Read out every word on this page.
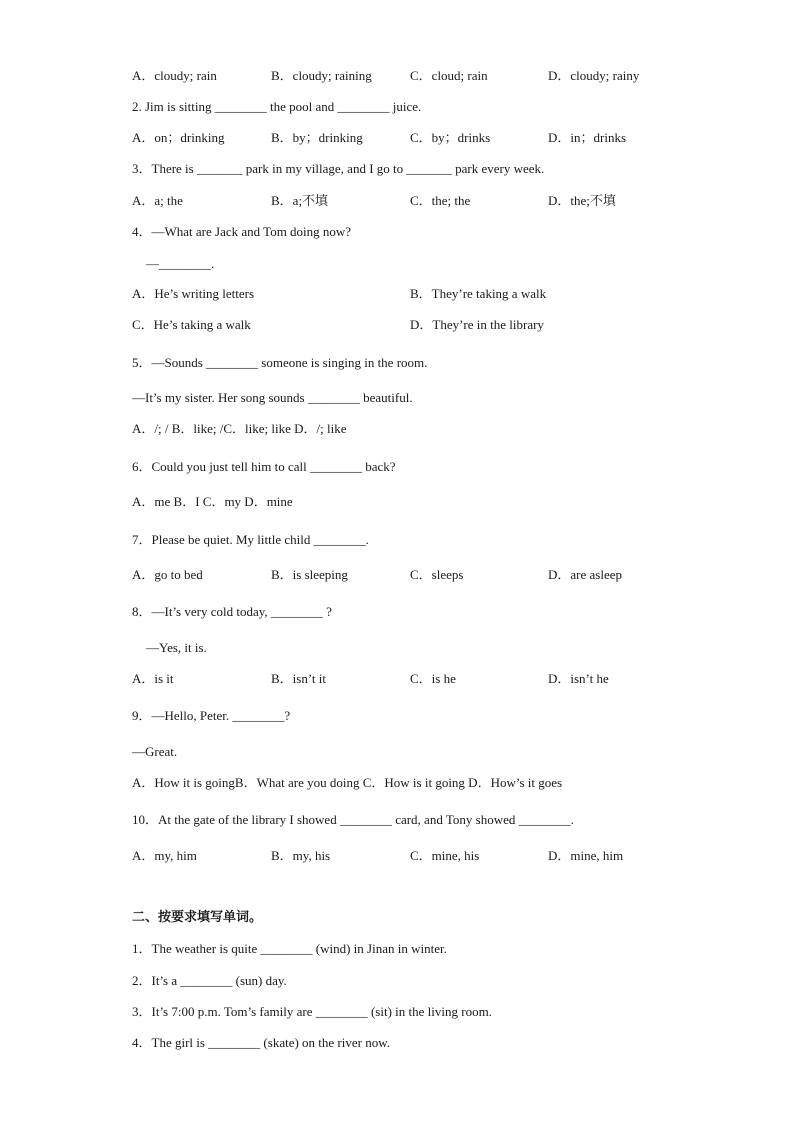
A．cloudy; rain	B．cloudy; raining	C．cloud; rain	D．cloudy; rainy
2. Jim is sitting ________ the pool and ________ juice.
A．on；drinking	B．by；drinking	C．by；drinks	D．in；drinks
3．There is _______ park in my village, and I go to _______ park every week.
A．a; the	B．a;不填	C．the; the	D．the;不填
4．—What are Jack and Tom doing now?
—________.
A．He’s writing letters	B．They’re taking a walk
C．He’s taking a walk	D．They’re in the library
5．—Sounds ________ someone is singing in the room.
—It’s my sister. Her song sounds ________ beautiful.
A．/; / B．like; /C．like; like D．/; like
6．Could you just tell him to call ________ back?
A．me B．I C．my D．mine
7．Please be quiet. My little child ________.
A．go to bed	B．is sleeping	C．sleeps	D．are asleep
8．—It’s very cold today, ________ ?
—Yes, it is.
A．is it	B．isn’t it	C．is he	D．isn’t he
9．—Hello, Peter. ________?
—Great.
A．How it is goingB．What are you doing C．How is it going D．How’s it goes
10．At the gate of the library I showed ________ card, and Tony showed ________.
A．my, him	B．my, his	C．mine, his	D．mine, him
二、按要求填写单词。
1．The weather is quite ________ (wind) in Jinan in winter.
2．It’s a ________ (sun) day.
3．It’s 7:00 p.m. Tom’s family are ________ (sit) in the living room.
4．The girl is ________ (skate) on the river now.
